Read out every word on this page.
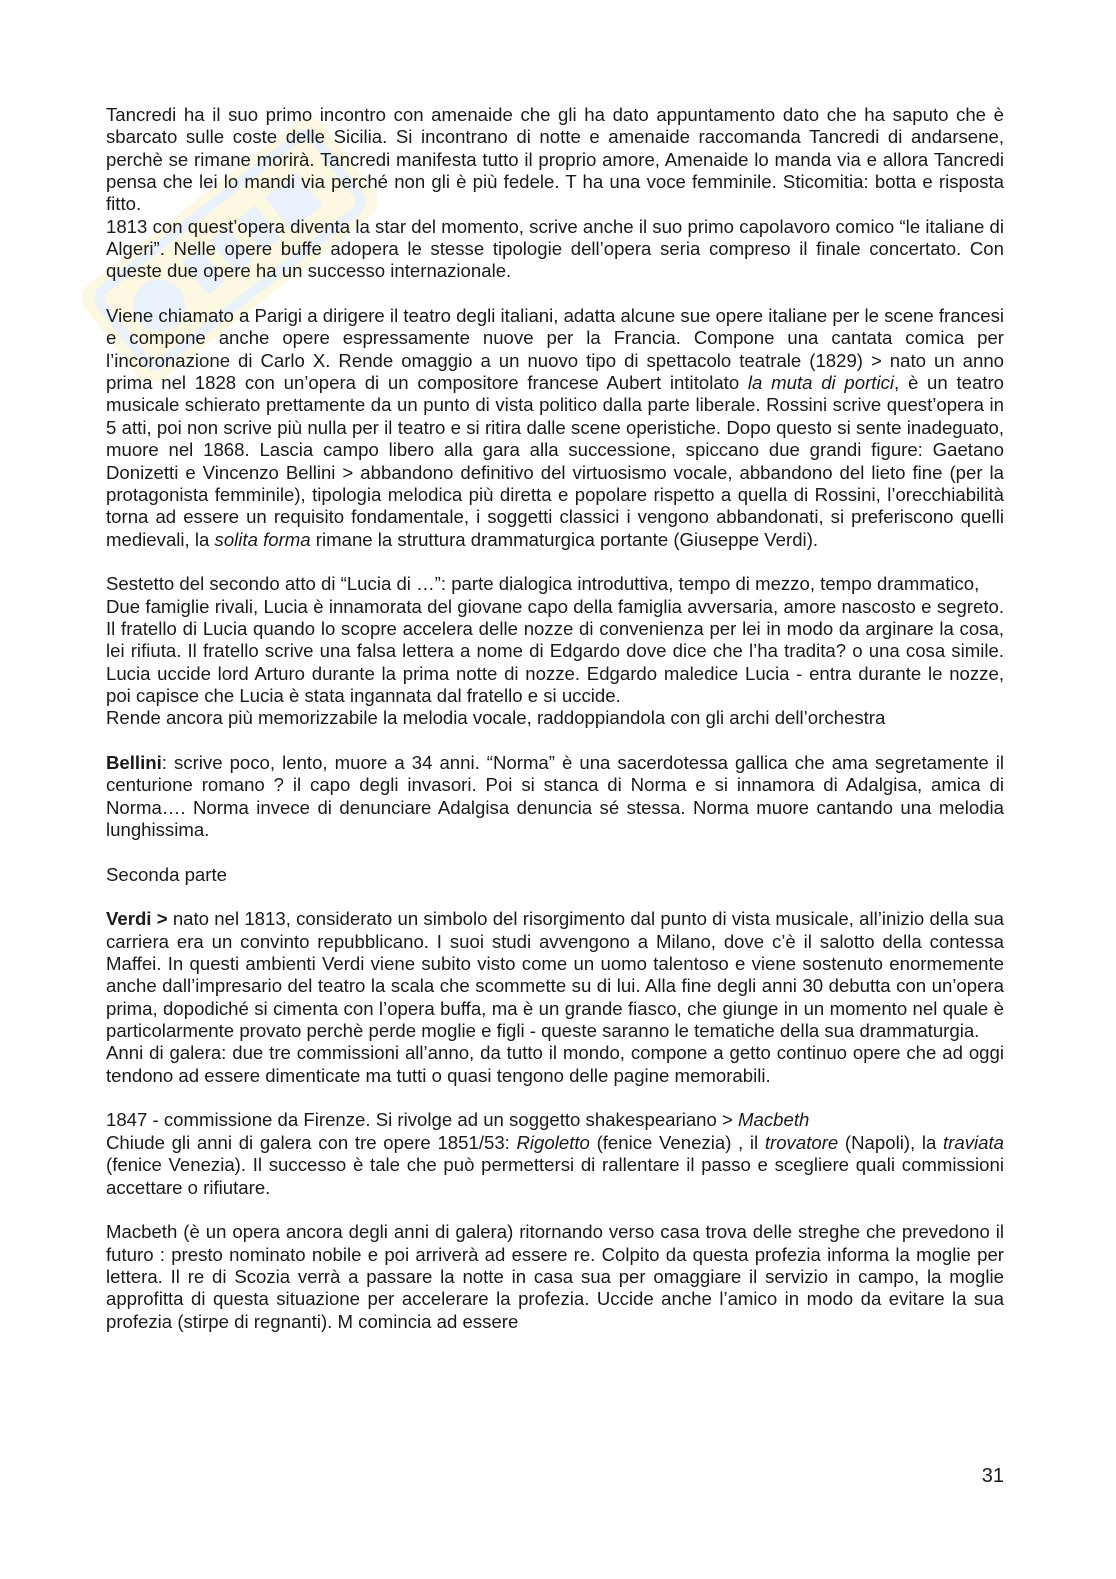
Tancredi ha il suo primo incontro con amenaide che gli ha dato appuntamento dato che ha saputo che è sbarcato sulle coste delle Sicilia. Si incontrano di notte e amenaide raccomanda Tancredi di andarsene, perchè se rimane morirà. Tancredi manifesta tutto il proprio amore, Amenaide lo manda via e allora Tancredi pensa che lei lo mandi via perché non gli è più fedele. T ha una voce femminile. Sticomitia: botta e risposta fitto.

1813 con quest’opera diventa la star del momento, scrive anche il suo primo capolavoro comico “le italiane di Algeri”. Nelle opere buffe adopera le stesse tipologie dell’opera seria compreso il finale concertato. Con queste due opere ha un successo internazionale.

Viene chiamato a Parigi a dirigere il teatro degli italiani, adatta alcune sue opere italiane per le scene francesi e compone anche opere espressamente nuove per la Francia. Compone una cantata comica per l’incoronazione di Carlo X. Rende omaggio a un nuovo tipo di spettacolo teatrale (1829) > nato un anno prima nel 1828 con un’opera di un compositore francese Aubert intitolato la muta di portici, è un teatro musicale schierato prettamente da un punto di vista politico dalla parte liberale. Rossini scrive quest’opera in 5 atti, poi non scrive più nulla per il teatro e si ritira dalle scene operistiche. Dopo questo si sente inadeguato, muore nel 1868. Lascia campo libero alla gara alla successione, spiccano due grandi figure: Gaetano Donizetti e Vincenzo Bellini > abbandono definitivo del virtuosismo vocale, abbandono del lieto fine (per la protagonista femminile), tipologia melodica più diretta e popolare rispetto a quella di Rossini, l’orecchiabilità torna ad essere un requisito fondamentale, i soggetti classici i vengono abbandonati, si preferiscono quelli medievali, la solita forma rimane la struttura drammaturgica portante (Giuseppe Verdi).

Sestetto del secondo atto di “Lucia di …”: parte dialogica introduttiva, tempo di mezzo, tempo drammatico,

Due famiglie rivali, Lucia è innamorata del giovane capo della famiglia avversaria, amore nascosto e segreto. Il fratello di Lucia quando lo scopre accelera delle nozze di convenienza per lei in modo da arginare la cosa, lei rifiuta. Il fratello scrive una falsa lettera a nome di Edgardo dove dice che l’ha tradita? o una cosa simile. Lucia uccide lord Arturo durante la prima notte di nozze. Edgardo maledice Lucia - entra durante le nozze, poi capisce che Lucia è stata ingannata dal fratello e si uccide.

Rende ancora più memorizzabile la melodia vocale, raddoppiandola con gli archi dell’orchestra

Bellini: scrive poco, lento, muore a 34 anni. “Norma” è una sacerdotessa gallica che ama segretamente il centurione romano ? il capo degli invasori. Poi si stanca di Norma e si innamora di Adalgisa, amica di Norma…. Norma invece di denunciare Adalgisa denuncia sé stessa. Norma muore cantando una melodia lunghissima.

Seconda parte

Verdi > nato nel 1813, considerato un simbolo del risorgimento dal punto di vista musicale, all’inizio della sua carriera era un convinto repubblicano. I suoi studi avvengono a Milano, dove c’è il salotto della contessa Maffei. In questi ambienti Verdi viene subito visto come un uomo talentoso e viene sostenuto enormemente anche dall’impresario del teatro la scala che scommette su di lui. Alla fine degli anni 30 debutta con un’opera prima, dopodiché si cimenta con l’opera buffa, ma è un grande fiasco, che giunge in un momento nel quale è particolarmente provato perchè perde moglie e figli - queste saranno le tematiche della sua drammaturgia.

Anni di galera: due tre commissioni all’anno, da tutto il mondo, compone a getto continuo opere che ad oggi tendono ad essere dimenticate ma tutti o quasi tengono delle pagine memorabili.

1847 - commissione da Firenze. Si rivolge ad un soggetto shakespeariano > Macbeth

Chiude gli anni di galera con tre opere 1851/53: Rigoletto (fenice Venezia) , il trovatore (Napoli), la traviata (fenice Venezia). Il successo è tale che può permettersi di rallentare il passo e scegliere quali commissioni accettare o rifiutare.

Macbeth (è un opera ancora degli anni di galera) ritornando verso casa trova delle streghe che prevedono il futuro : presto nominato nobile e poi arriverà ad essere re. Colpito da questa profezia informa la moglie per lettera. Il re di Scozia verrà a passare la notte in casa sua per omaggiare il servizio in campo, la moglie approfitta di questa situazione per accelerare la profezia. Uccide anche l’amico in modo da evitare la sua profezia (stirpe di regnanti). M comincia ad essere

31
